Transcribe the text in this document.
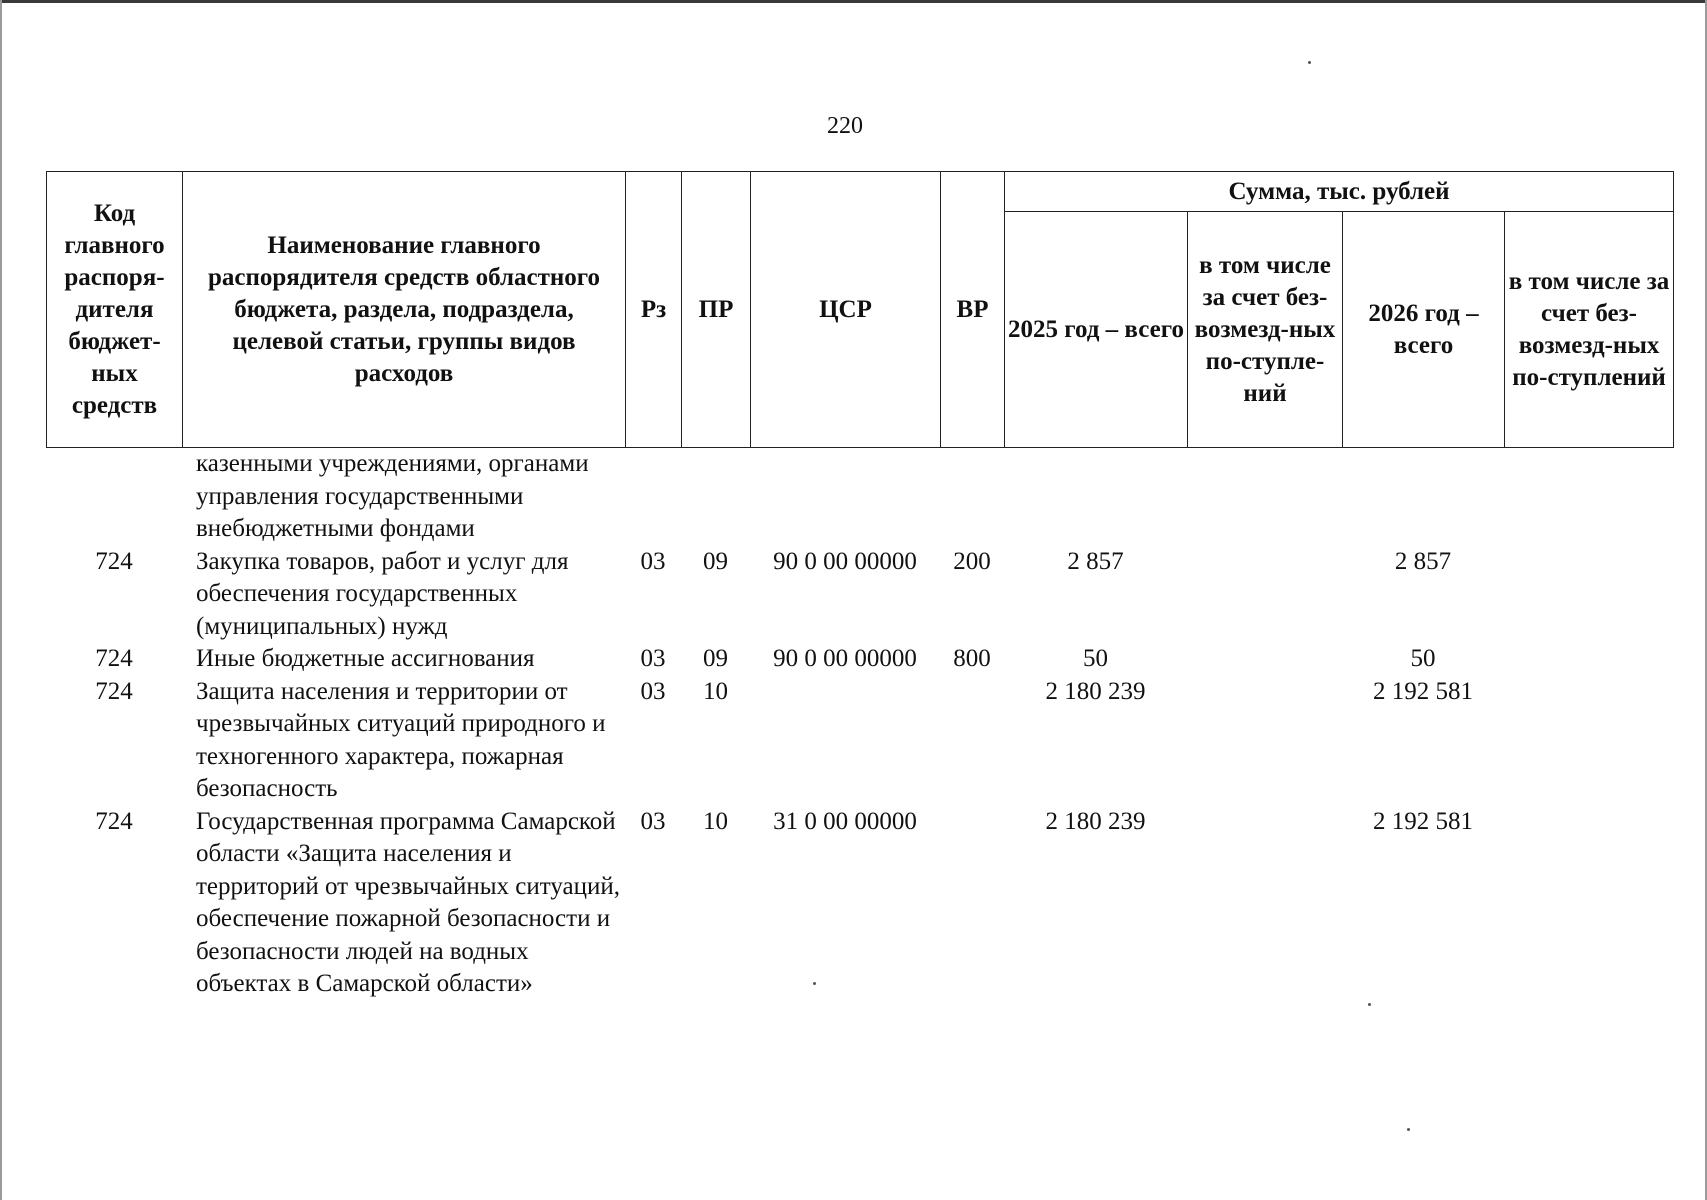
220
Код главного распоря-дителя бюджет-ных средств	Наименование главного распорядителя средств областного бюджета, раздела, подраздела, целевой статьи, группы видов расходов	Рз	ПР	ЦСР	ВР	Сумма, тыс. рублей			
						2025 год – всего	в том числе за счет без-возмезд-ных по-ступле-ний	2026 год – всего	в том числе за счет без-возмезд-ных по-ступлений
	казенными учреждениями, органами управления государственными внебюджетными фондами								
724	Закупка товаров, работ и услуг для обеспечения государственных (муниципальных) нужд	03	09	90 0 00 00000	200	2 857		2 857	
724	Иные бюджетные ассигнования	03	09	90 0 00 00000	800	50		50	
724	Защита населения и территории от чрезвычайных ситуаций природного и техногенного характера, пожарная безопасность	03	10			2 180 239		2 192 581	
724	Государственная программа Самарской области «Защита населения и территорий от чрезвычайных ситуаций, обеспечение пожарной безопасности и безопасности людей на водных объектах в Самарской области»	03	10	31 0 00 00000		2 180 239		2 192 581	
